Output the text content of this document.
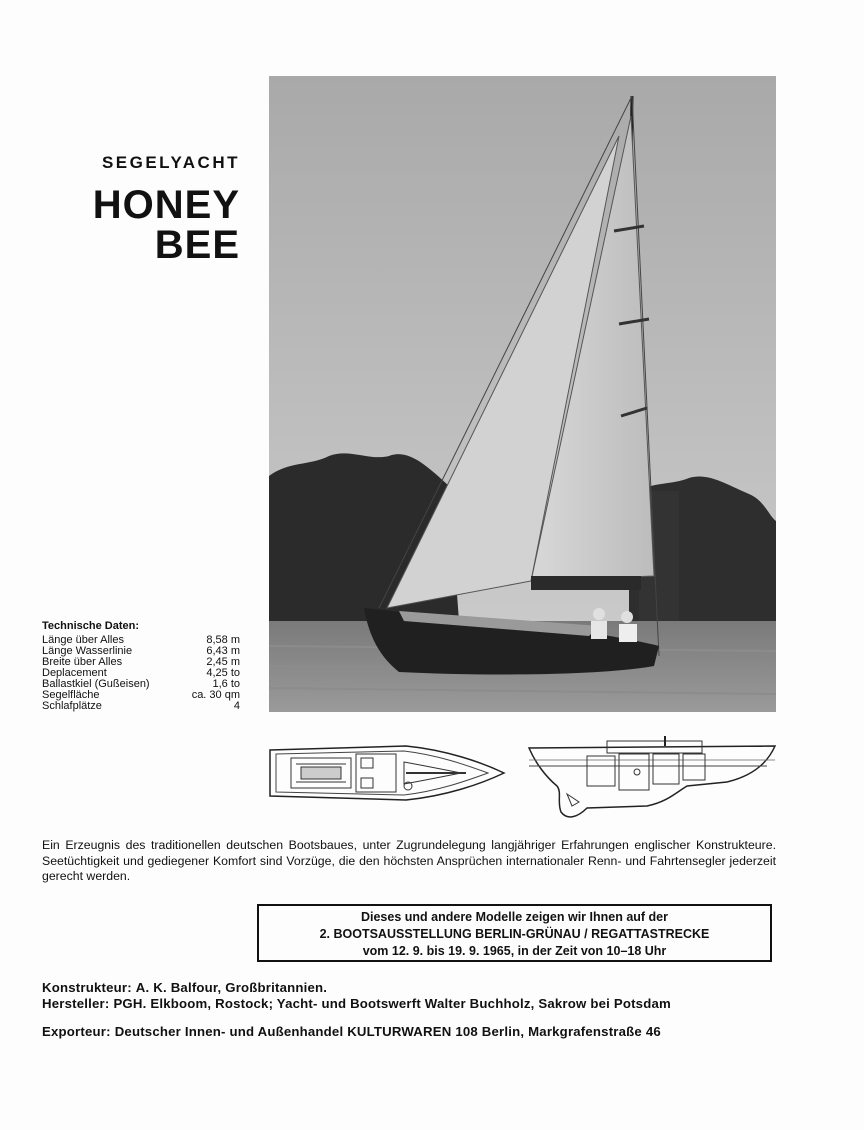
SEGELYACHT
HONEY
BEE
Technische Daten:
Länge über Alles	8,58 m
Länge Wasserlinie	6,43 m
Breite über Alles	2,45 m
Deplacement	4,25 to
Ballastkiel (Gußeisen)	1,6 to
Segelfläche	ca. 30 qm
Schlafplätze	4
Ein Erzeugnis des traditionellen deutschen Bootsbaues, unter Zugrundelegung langjähriger Erfahrungen englischer Konstrukteure. Seetüchtigkeit und gediegener Komfort sind Vorzüge, die den höchsten Ansprüchen internationaler Renn- und Fahrtensegler jederzeit gerecht werden.
Dieses und andere Modelle zeigen wir Ihnen auf der
2. BOOTSAUSSTELLUNG BERLIN-GRÜNAU / REGATTASTRECKE
vom 12. 9. bis 19. 9. 1965, in der Zeit von 10–18 Uhr
Konstrukteur: A. K. Balfour, Großbritannien.
Hersteller: PGH. Elkboom, Rostock; Yacht- und Bootswerft Walter Buchholz, Sakrow bei Potsdam
Exporteur: Deutscher Innen- und Außenhandel KULTURWAREN 108 Berlin, Markgrafenstraße 46
